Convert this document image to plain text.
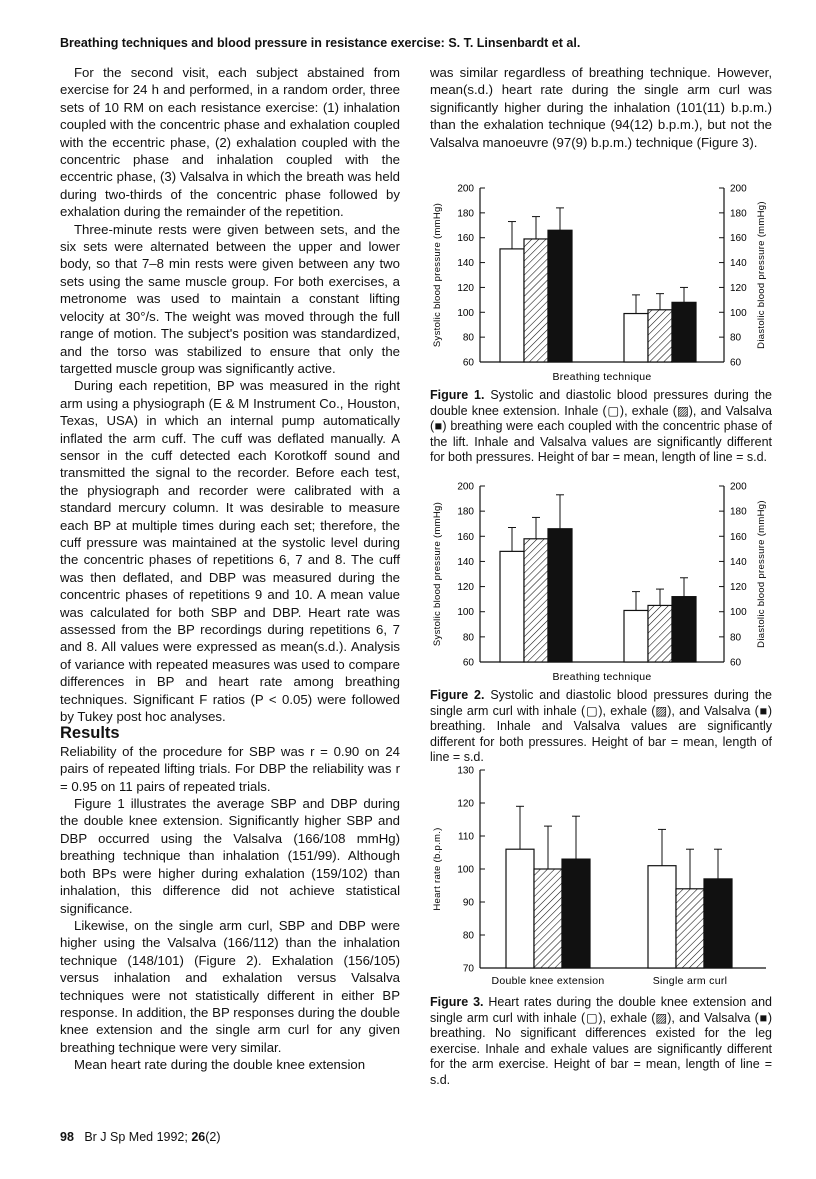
Breathing techniques and blood pressure in resistance exercise: S. T. Linsenbardt et al.

For the second visit, each subject abstained from exercise for 24 h and performed, in a random order, three sets of 10 RM on each resistance exercise: (1) inhalation coupled with the concentric phase and exhalation coupled with the eccentric phase, (2) exhalation coupled with the concentric phase and inhalation coupled with the eccentric phase, (3) Valsalva in which the breath was held during two-thirds of the concentric phase followed by exhalation during the remainder of the repetition.

Three-minute rests were given between sets, and the six sets were alternated between the upper and lower body, so that 7–8 min rests were given between any two sets using the same muscle group. For both exercises, a metronome was used to maintain a constant lifting velocity at 30°/s. The weight was moved through the full range of motion. The subject's position was standardized, and the torso was stabilized to ensure that only the targetted muscle group was significantly active.

During each repetition, BP was measured in the right arm using a physiograph (E & M Instrument Co., Houston, Texas, USA) in which an internal pump automatically inflated the arm cuff. The cuff was deflated manually. A sensor in the cuff detected each Korotkoff sound and transmitted the signal to the recorder. Before each test, the physiograph and recorder were calibrated with a standard mercury column. It was desirable to measure each BP at multiple times during each set; therefore, the cuff pressure was maintained at the systolic level during the concentric phases of repetitions 6, 7 and 8. The cuff was then deflated, and DBP was measured during the concentric phases of repetitions 9 and 10. A mean value was calculated for both SBP and DBP. Heart rate was assessed from the BP recordings during repetitions 6, 7 and 8. All values were expressed as mean(s.d.). Analysis of variance with repeated measures was used to compare differences in BP and heart rate among breathing techniques. Significant F ratios (P < 0.05) were followed by Tukey post hoc analyses.

Results

Reliability of the procedure for SBP was r = 0.90 on 24 pairs of repeated lifting trials. For DBP the reliability was r = 0.95 on 11 pairs of repeated trials.

Figure 1 illustrates the average SBP and DBP during the double knee extension. Significantly higher SBP and DBP occurred using the Valsalva (166/108 mmHg) breathing technique than inhalation (151/99). Although both BPs were higher during exhalation (159/102) than inhalation, this difference did not achieve statistical significance.

Likewise, on the single arm curl, SBP and DBP were higher using the Valsalva (166/112) than the inhalation technique (148/101) (Figure 2). Exhalation (156/105) versus inhalation and exhalation versus Valsalva techniques were not statistically different in either BP response. In addition, the BP responses during the double knee extension and the single arm curl for any given breathing technique were very similar.

Mean heart rate during the double knee extension

was similar regardless of breathing technique. However, mean(s.d.) heart rate during the single arm curl was significantly higher during the inhalation (101(11) b.p.m.) than the exhalation technique (94(12) b.p.m.), but not the Valsalva manoeuvre (97(9) b.p.m.) technique (Figure 3).

60
80
100
120
140
160
180
200
Systolic blood pressure (mmHg)
60
80
100
120
140
160
180
200
Diastolic blood pressure (mmHg)
Breathing technique
Figure 1. Systolic and diastolic blood pressures during the double knee extension. Inhale (▢), exhale (▨), and Valsalva (■) breathing were each coupled with the concentric phase of the lift. Inhale and Valsalva values are significantly different for both pressures. Height of bar = mean, length of line = s.d.
60
80
100
120
140
160
180
200
Systolic blood pressure (mmHg)
60
80
100
120
140
160
180
200
Diastolic blood pressure (mmHg)
Breathing technique
Figure 2. Systolic and diastolic blood pressures during the single arm curl with inhale (▢), exhale (▨), and Valsalva (■) breathing. Inhale and Valsalva values are significantly different for both pressures. Height of bar = mean, length of line = s.d.
70
80
90
100
110
120
130
Heart rate (b.p.m.)
Double knee extension	Single arm curl
Figure 3. Heart rates during the double knee extension and single arm curl with inhale (▢), exhale (▨), and Valsalva (■) breathing. No significant differences existed for the leg exercise. Inhale and exhale values are significantly different for the arm exercise. Height of bar = mean, length of line = s.d.
98 Br J Sp Med 1992; 26(2)
